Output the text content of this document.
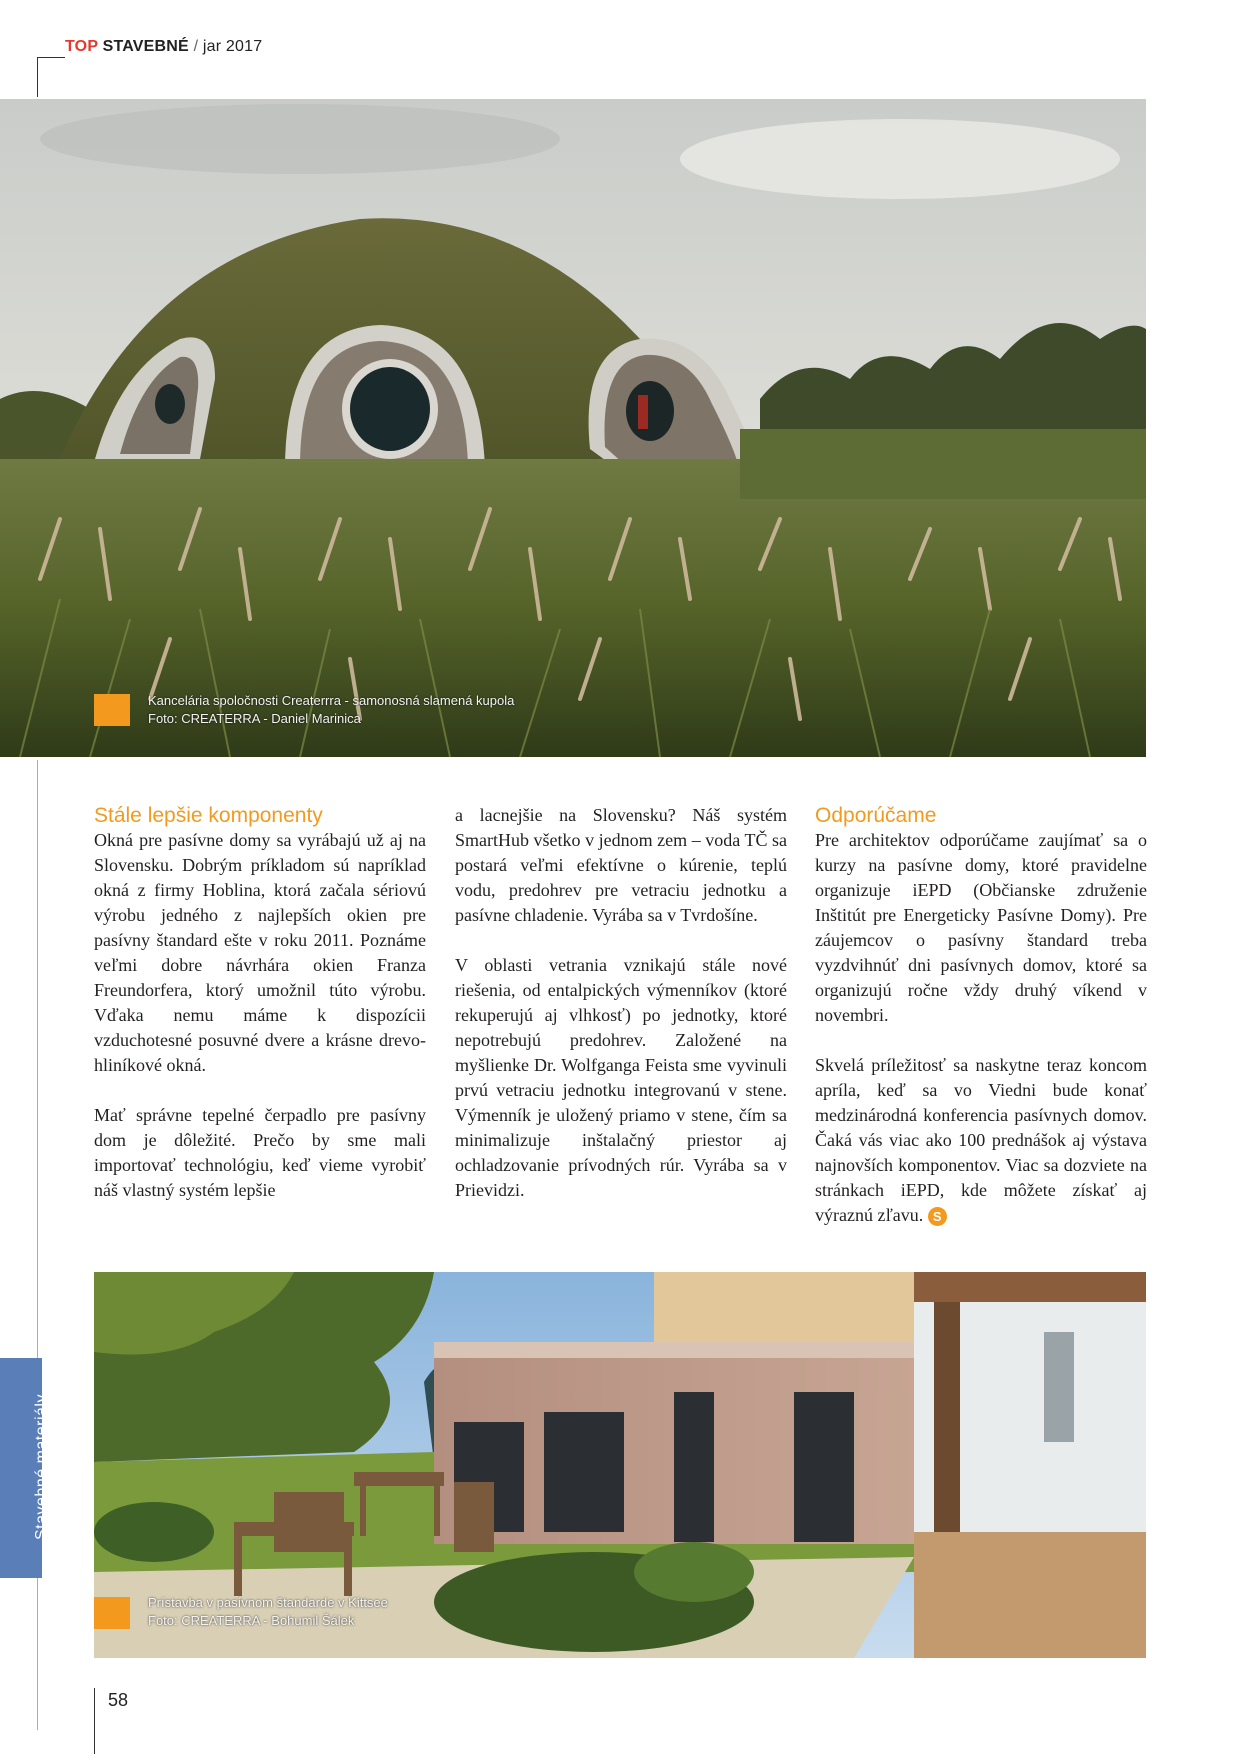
TOP STAVEBNÉ / jar 2017
Stavebné materiály
Kancelária spoločnosti Createrrra - samonosná slamená kupola
Foto: CREATERRA - Daniel Marinica
Stále lepšie komponenty

Okná pre pasívne domy sa vyrábajú už aj na Slovensku. Dobrým príkladom sú napríklad okná z firmy Hoblina, ktorá začala sériovú výrobu jedného z najlepších okien pre pasívny štandard ešte v roku 2011. Poznáme veľmi dobre návrhára okien Franza Freundorfera, ktorý umožnil túto výrobu. Vďaka nemu máme k dispozícii vzduchotesné posuvné dvere a krásne drevo-hliníkové okná.

Mať správne tepelné čerpadlo pre pasívny dom je dôležité. Prečo by sme mali importovať technológiu, keď vieme vyrobiť náš vlastný systém lepšie

a lacnejšie na Slovensku? Náš systém SmartHub všetko v jednom zem – voda TČ sa postará veľmi efektívne o kúrenie, teplú vodu, predohrev pre vetraciu jednotku a pasívne chladenie. Vyrába sa v Tvrdošíne.

V oblasti vetrania vznikajú stále nové riešenia, od entalpických výmenníkov (ktoré rekuperujú aj vlhkosť) po jednotky, ktoré nepotrebujú predohrev. Založené na myšlienke Dr. Wolfganga Feista sme vyvinuli prvú vetraciu jednotku integrovanú v stene. Výmenník je uložený priamo v stene, čím sa minimalizuje inštalačný priestor aj ochladzovanie prívodných rúr. Vyrába sa v Prievidzi.

Odporúčame

Pre architektov odporúčame zaujímať sa o kurzy na pasívne domy, ktoré pravidelne organizuje iEPD (Občianske združenie Inštitút pre Energeticky Pasívne Domy). Pre záujemcov o pasívny štandard treba vyzdvihnúť dni pasívnych domov, ktoré sa organizujú ročne vždy druhý víkend v novembri.

Skvelá príležitosť sa naskytne teraz koncom apríla, keď sa vo Viedni bude konať medzinárodná konferencia pasívnych domov. Čaká vás viac ako 100 prednášok aj výstava najnovších komponentov. Viac sa dozviete na stránkach iEPD, kde môžete získať aj výraznú zľavu. S

Prístavba v pasívnom štandarde v Kittsee
Foto: CREATERRA - Bohumil Šálek
58
